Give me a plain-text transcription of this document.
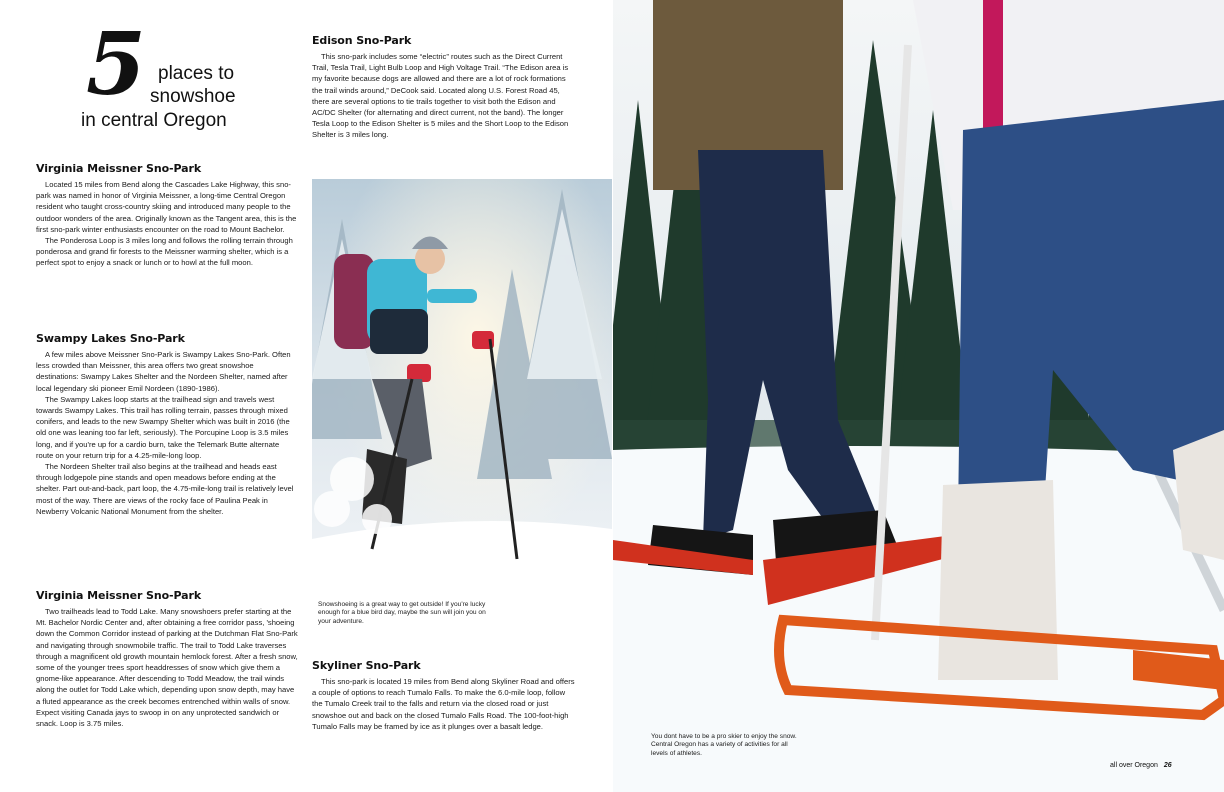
5 places to
snowshoe
in central Oregon
Virginia Meissner Sno-Park

Located 15 miles from Bend along the Cascades Lake Highway, this sno-park was named in honor of Virginia Meissner, a long-time Central Oregon resident who taught cross-country skiing and introduced many people to the outdoor wonders of the area. Originally known as the Tangent area, this is the first sno-park winter enthusiasts encounter on the road to Mount Bachelor.

The Ponderosa Loop is 3 miles long and follows the rolling terrain through ponderosa and grand fir forests to the Meissner warming shelter, which is a perfect spot to enjoy a snack or lunch or to howl at the full moon.

Swampy Lakes Sno-Park

A few miles above Meissner Sno-Park is Swampy Lakes Sno-Park. Often less crowded than Meissner, this area offers two great snowshoe destinations: Swampy Lakes Shelter and the Nordeen Shelter, named after local legendary ski pioneer Emil Nordeen (1890-1986).

The Swampy Lakes loop starts at the trailhead sign and travels west towards Swampy Lakes. This trail has rolling terrain, passes through mixed conifers, and leads to the new Swampy Shelter which was built in 2016 (the old one was leaning too far left, seriously). The Porcupine Loop is 3.5 miles long, and if you're up for a cardio burn, take the Telemark Butte alternate route on your return trip for a 4.25-mile-long loop.

The Nordeen Shelter trail also begins at the trailhead and heads east through lodgepole pine stands and open meadows before ending at the shelter. Part out-and-back, part loop, the 4.75-mile-long trail is relatively level most of the way. There are views of the rocky face of Paulina Peak in Newberry Volcanic National Monument from the shelter.

Virginia Meissner Sno-Park

Two trailheads lead to Todd Lake. Many snowshoers prefer starting at the Mt. Bachelor Nordic Center and, after obtaining a free corridor pass, 'shoeing down the Common Corridor instead of parking at the Dutchman Flat Sno-Park and navigating through snowmobile traffic. The trail to Todd Lake traverses through a magnificent old growth mountain hemlock forest. After a fresh snow, some of the younger trees sport headdresses of snow which give them a gnome-like appearance. After descending to Todd Meadow, the trail winds along the outlet for Todd Lake which, depending upon snow depth, may have a fluted appearance as the creek becomes entrenched within walls of snow. Expect visiting Canada jays to swoop in on any unprotected sandwich or snack. Loop is 3.75 miles.

Edison Sno-Park

This sno-park includes some “electric” routes such as the Direct Current Trail, Tesla Trail, Light Bulb Loop and High Voltage Trail. “The Edison area is my favorite because dogs are allowed and there are a lot of rock formations the trail winds around,” DeCook said. Located along U.S. Forest Road 45, there are several options to tie trails together to visit both the Edison and AC/DC Shelter (for alternating and direct current, not the band). The longer Tesla Loop to the Edison Shelter is 5 miles and the Short Loop to the Edison Shelter is 3 miles long.

Snowshoeing is a great way to get outside! If you're lucky enough for a blue bird day, maybe the sun will join you on your adventure.
Skyliner Sno-Park

This sno-park is located 19 miles from Bend along Skyliner Road and offers a couple of options to reach Tumalo Falls. To make the 6.0-mile loop, follow the Tumalo Creek trail to the falls and return via the closed road or just snowshoe out and back on the closed Tumalo Falls Road. The 100-foot-high Tumalo Falls may be framed by ice as it plunges over a basalt ledge.

You dont have to be a pro skier to enjoy the snow. Central Oregon has a variety of activities for all levels of athletes.
all over Oregon 26
